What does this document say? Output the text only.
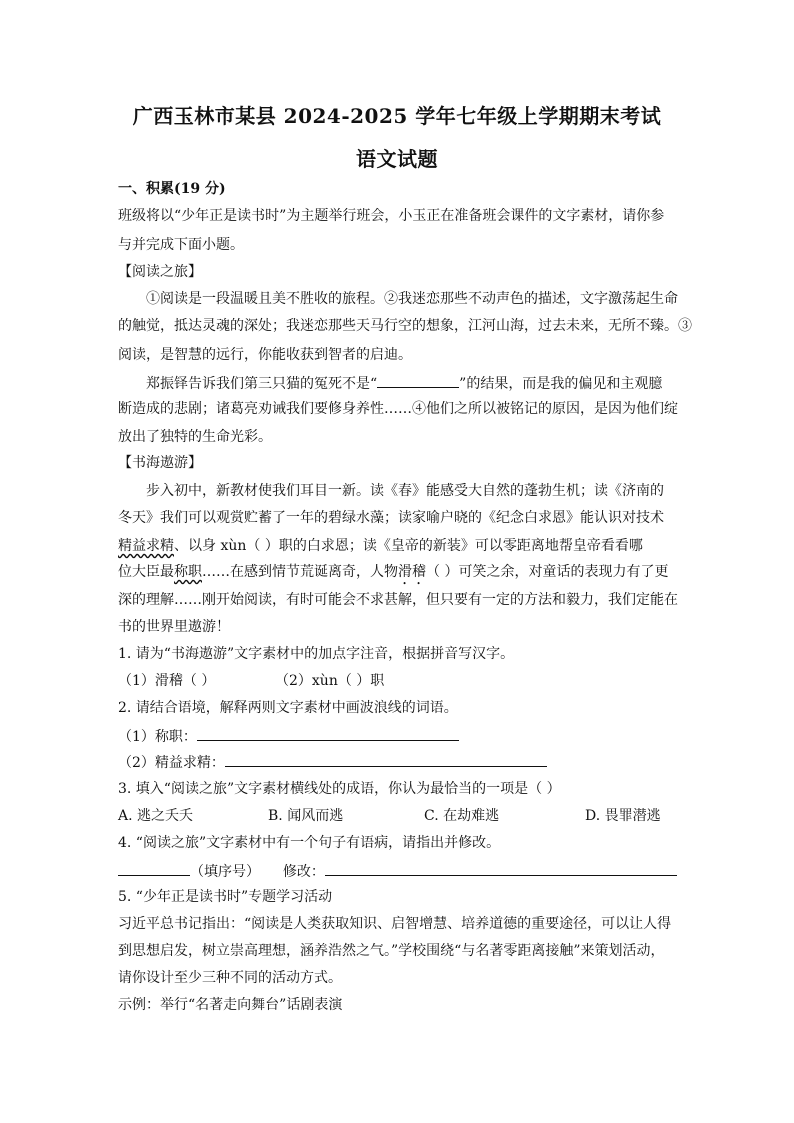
广西玉林市某县 2024-2025 学年七年级上学期期末考试
语文试题
一、积累(19 分)
班级将以“少年正是读书时”为主题举行班会，小玉正在准备班会课件的文字素材，请你参
与并完成下面小题。
【阅读之旅】
①阅读是一段温暖且美不胜收的旅程。②我迷恋那些不动声色的描述，文字激荡起生命
的触觉，抵达灵魂的深处；我迷恋那些天马行空的想象，江河山海，过去未来，无所不臻。③
阅读，是智慧的远行，你能收获到智者的启迪。
郑振铎告诉我们第三只猫的冤死不是“	”的结果，而是我的偏见和主观臆
断造成的悲剧；诸葛亮劝诫我们要修身养性……④他们之所以被铭记的原因，是因为他们绽
放出了独特的生命光彩。
【书海遨游】
步入初中，新教材使我们耳目一新。读《春》能感受大自然的蓬勃生机；读《济南的
冬天》我们可以观赏贮蓄了一年的碧绿水藻；读家喻户晓的《纪念白求恩》能认识对技术
精益求精、以身 xùn（ ）职的白求恩；读《皇帝的新装》可以零距离地帮皇帝看看哪
位大臣最称职……在感到情节荒诞离奇，人物滑稽（ ）可笑之余，对童话的表现力有了更
深的理解……刚开始阅读，有时可能会不求甚解，但只要有一定的方法和毅力，我们定能在
书的世界里遨游！
1. 请为“书海遨游”文字素材中的加点字注音，根据拼音写汉字。
（1）滑稽（ ）	（2）xùn（ ）职
2. 请结合语境，解释两则文字素材中画波浪线的词语。
（1）称职：
（2）精益求精：
3. 填入“阅读之旅”文字素材横线处的成语，你认为最恰当的一项是（ ）
A. 逃之夭夭	B. 闻风而逃	C. 在劫难逃	D. 畏罪潜逃
4. “阅读之旅”文字素材中有一个句子有语病，请指出并修改。
（填序号） 修改：
5. “少年正是读书时”专题学习活动
习近平总书记指出：“阅读是人类获取知识、启智增慧、培养道德的重要途径，可以让人得
到思想启发，树立崇高理想，涵养浩然之气。”学校围绕“与名著零距离接触”来策划活动，
请你设计至少三种不同的活动方式。
示例：举行“名著走向舞台”话剧表演
